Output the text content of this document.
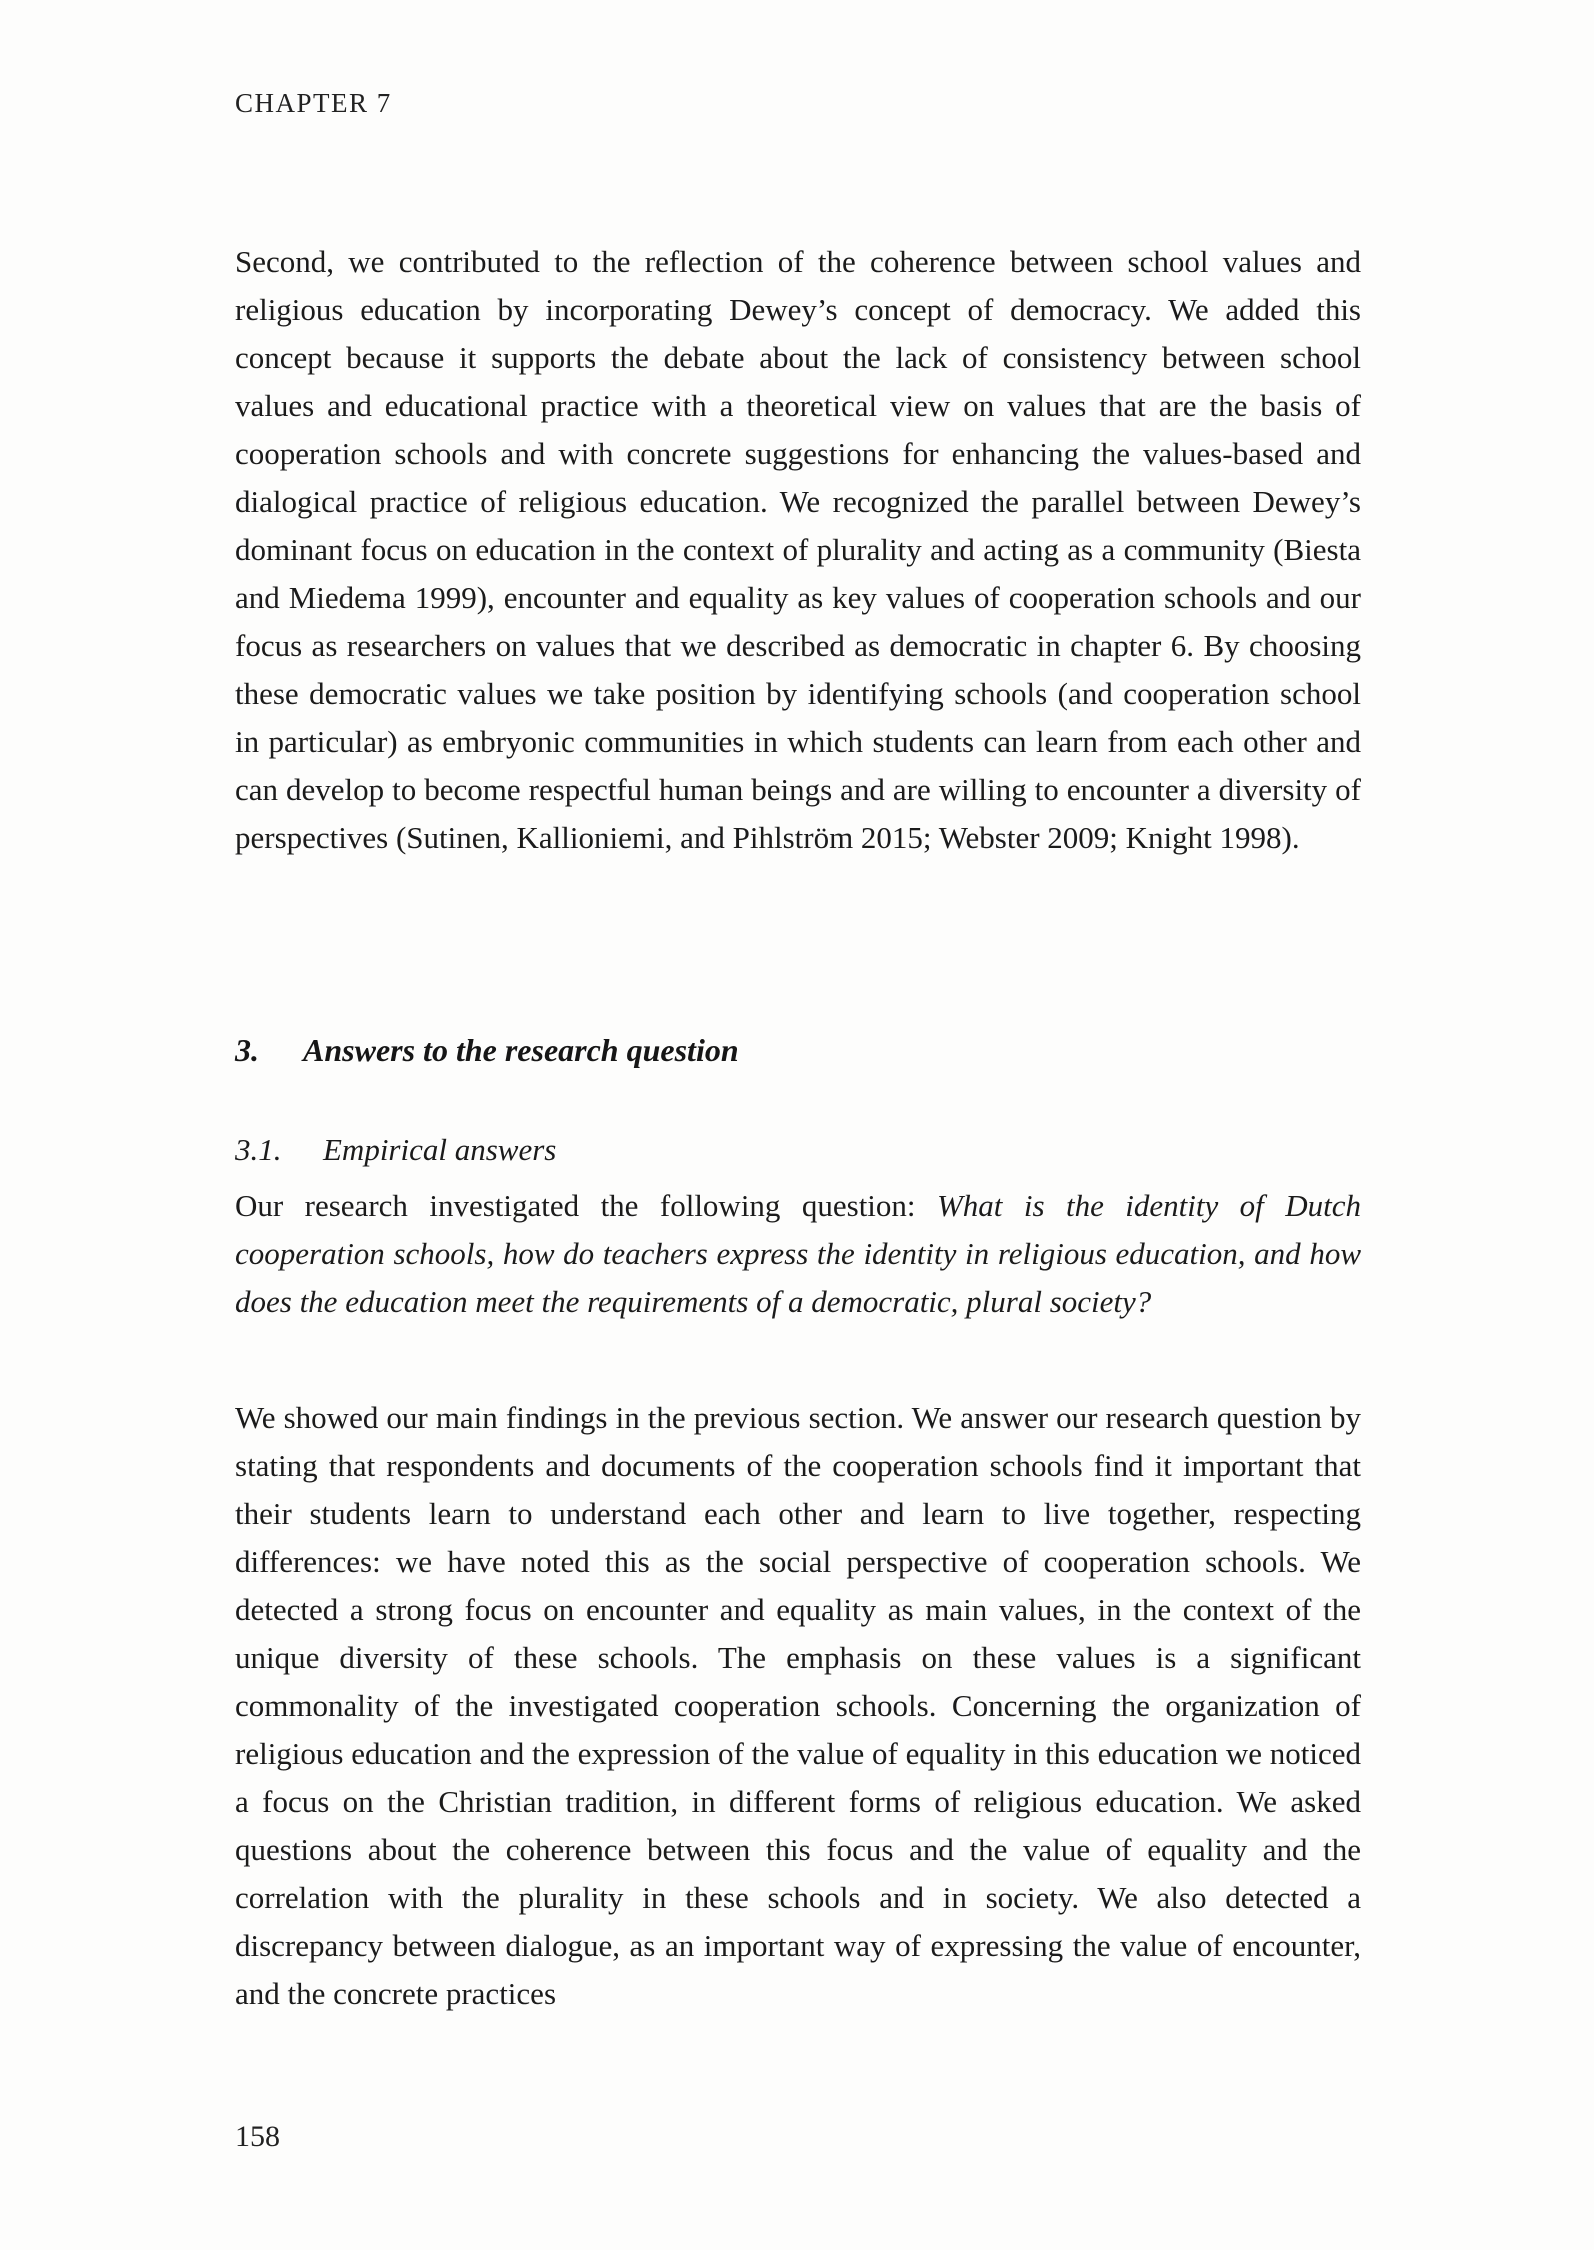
CHAPTER 7

Second, we contributed to the reflection of the coherence between school values and religious education by incorporating Dewey’s concept of democracy. We added this concept because it supports the debate about the lack of consistency between school values and educational practice with a theoretical view on values that are the basis of cooperation schools and with concrete suggestions for enhancing the values-based and dialogical practice of religious education. We recognized the parallel between Dewey’s dominant focus on education in the context of plurality and acting as a community (Biesta and Miedema 1999), encounter and equality as key values of cooperation schools and our focus as researchers on values that we described as democratic in chapter 6. By choosing these democratic values we take position by identifying schools (and cooperation school in particular) as embryonic communities in which students can learn from each other and can develop to become respectful human beings and are willing to encounter a diversity of perspectives (Sutinen, Kallioniemi, and Pihlström 2015; Webster 2009; Knight 1998).

3. Answers to the research question
3.1. Empirical answers

Our research investigated the following question: What is the identity of Dutch cooperation schools, how do teachers express the identity in religious education, and how does the education meet the requirements of a democratic, plural society?

We showed our main findings in the previous section. We answer our research question by stating that respondents and documents of the cooperation schools find it important that their students learn to understand each other and learn to live together, respecting differences: we have noted this as the social perspective of cooperation schools. We detected a strong focus on encounter and equality as main values, in the context of the unique diversity of these schools. The emphasis on these values is a significant commonality of the investigated cooperation schools. Concerning the organization of religious education and the expression of the value of equality in this education we noticed a focus on the Christian tradition, in different forms of religious education. We asked questions about the coherence between this focus and the value of equality and the correlation with the plurality in these schools and in society. We also detected a discrepancy between dialogue, as an important way of expressing the value of encounter, and the concrete practices

158
